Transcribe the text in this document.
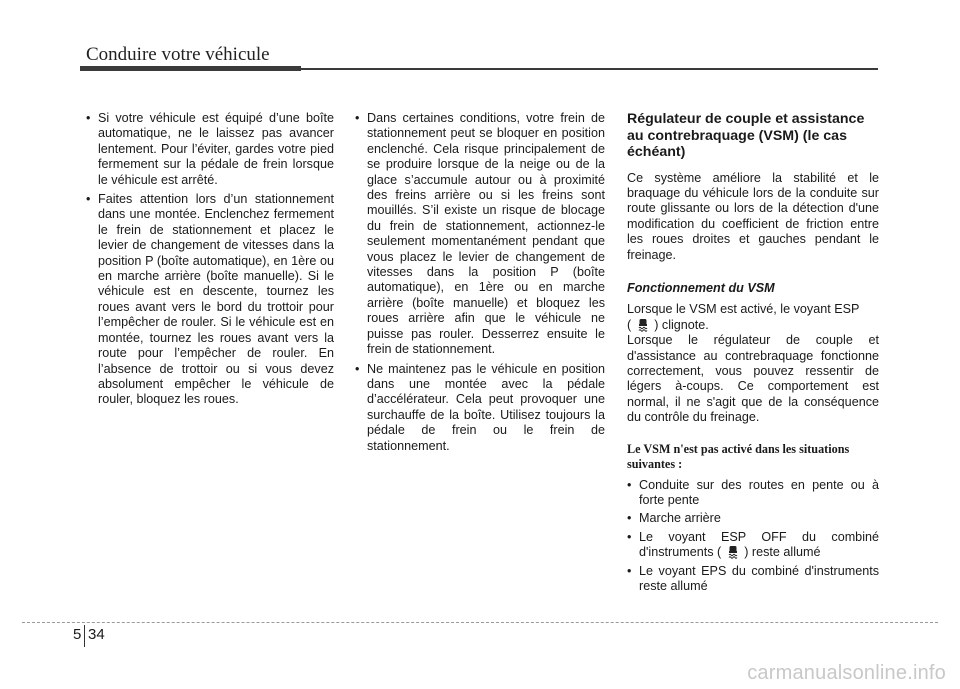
Conduire votre véhicule
• Si votre véhicule est équipé d’une boîte automatique, ne le laissez pas avancer lentement. Pour l’éviter, gardes votre pied fermement sur la pédale de frein lorsque le véhicule est arrêté.
• Faites attention lors d’un stationnement dans une montée. Enclenchez fermement le frein de stationnement et placez le levier de changement de vitesses dans la position P (boîte automatique), en 1ère ou en marche arrière (boîte manuelle). Si le véhicule est en descente, tournez les roues avant vers le bord du trottoir pour l’empêcher de rouler. Si le véhicule est en montée, tournez les roues avant vers la route pour l’empêcher de rouler. En l’absence de trottoir ou si vous devez absolument empêcher le véhicule de rouler, bloquez les roues.
• Dans certaines conditions, votre frein de stationnement peut se bloquer en position enclenché. Cela risque principalement de se produire lorsque de la neige ou de la glace s’accumule autour ou à proximité des freins arrière ou si les freins sont mouillés. S’il existe un risque de blocage du frein de stationnement, actionnez-le seulement momentanément pendant que vous placez le levier de changement de vitesses dans la position P (boîte automatique), en 1ère ou en marche arrière (boîte manuelle) et bloquez les roues arrière afin que le véhicule ne puisse pas rouler. Desserrez ensuite le frein de stationnement.
• Ne maintenez pas le véhicule en position dans une montée avec la pédale d’accélérateur. Cela peut provoquer une surchauffe de la boîte. Utilisez toujours la pédale de frein ou le frein de stationnement.
Régulateur de couple et assistance au contrebraquage (VSM) (le cas échéant)

Ce système améliore la stabilité et le braquage du véhicule lors de la conduite sur route glissante ou lors de la détection d'une modification du coefficient de friction entre les roues droites et gauches pendant le freinage.

Fonctionnement du VSM

Lorsque le VSM est activé, le voyant ESP
( ) clignote.

Lorsque le régulateur de couple et d'assistance au contrebraquage fonctionne correctement, vous pouvez ressentir de légers à-coups. Ce comportement est normal, il ne s'agit que de la conséquence du contrôle du freinage.

Le VSM n'est pas activé dans les situations suivantes :
• Conduite sur des routes en pente ou à forte pente
• Marche arrière
• Le voyant ESP OFF du combiné d'instruments ( ) reste allumé
• Le voyant EPS du combiné d'instruments reste allumé
5 34
carmanualsonline.info
